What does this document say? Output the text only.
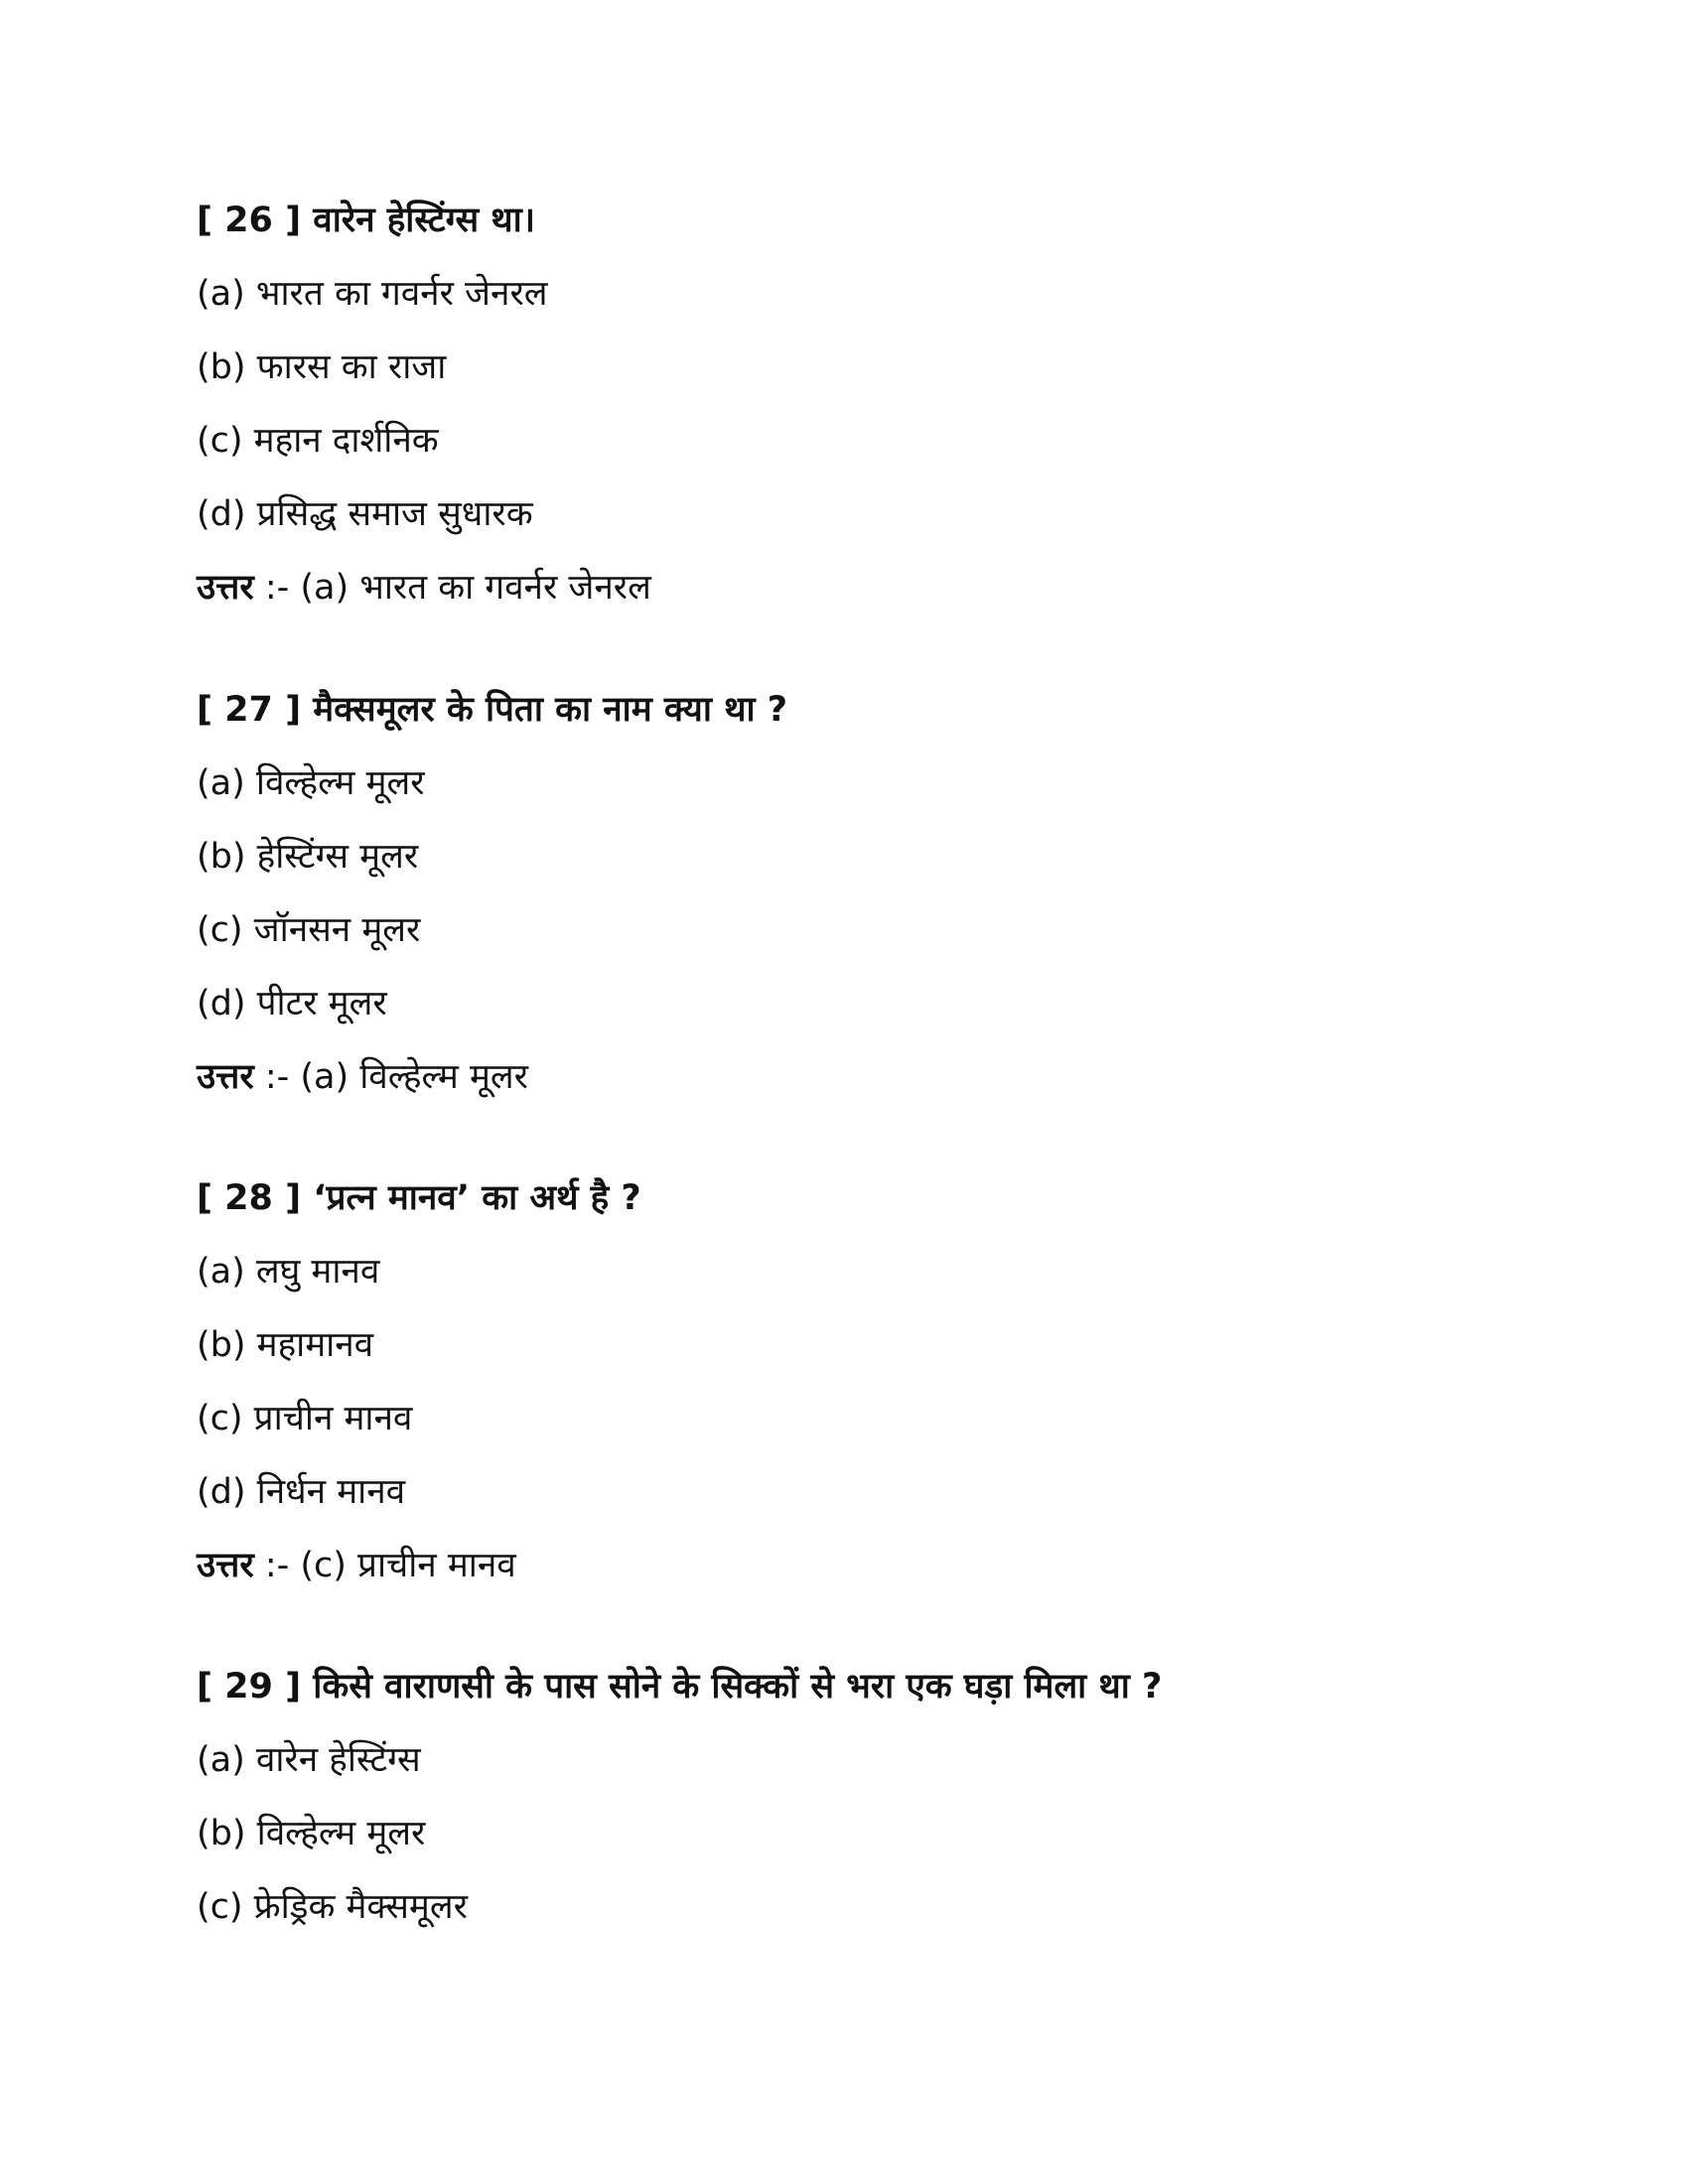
[ 26 ] वारेन हेस्टिंग्स था।
(a) भारत का गवर्नर जेनरल
(b) फारस का राजा
(c) महान दार्शनिक
(d) प्रसिद्ध समाज सुधारक
उत्तर :- (a) भारत का गवर्नर जेनरल
[ 27 ] मैक्समूलर के पिता का नाम क्या था ?
(a) विल्हेल्म मूलर
(b) हेस्टिंग्स मूलर
(c) जॉनसन मूलर
(d) पीटर मूलर
उत्तर :- (a) विल्हेल्म मूलर
[ 28 ] ‘प्रत्न मानव’ का अर्थ है ?
(a) लघु मानव
(b) महामानव
(c) प्राचीन मानव
(d) निर्धन मानव
उत्तर :- (c) प्राचीन मानव
[ 29 ] किसे वाराणसी के पास सोने के सिक्कों से भरा एक घड़ा मिला था ?
(a) वारेन हेस्टिंग्स
(b) विल्हेल्म मूलर
(c) फ्रेड्रिक मैक्समूलर
